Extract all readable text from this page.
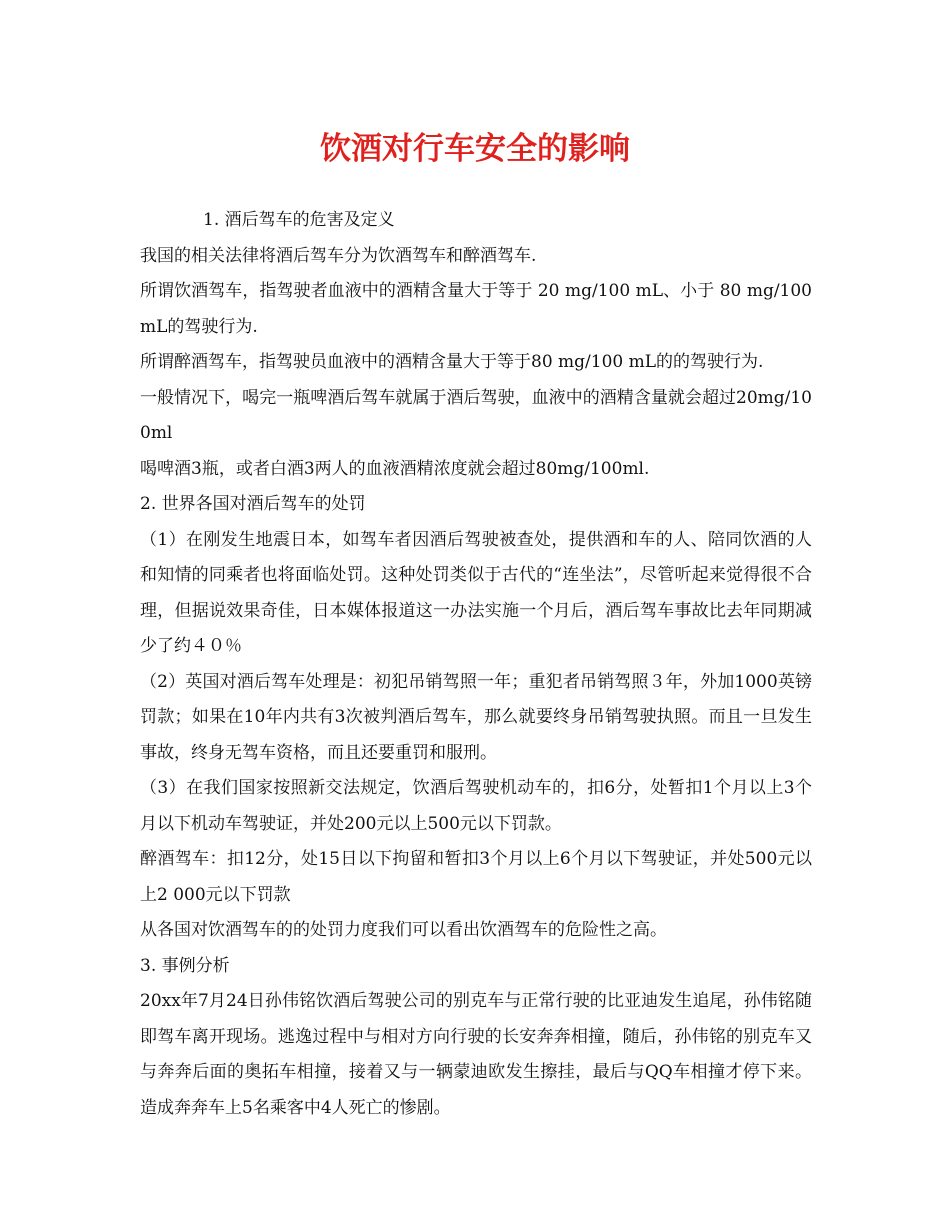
饮酒对行车安全的影响

1. 酒后驾车的危害及定义

我国的相关法律将酒后驾车分为饮酒驾车和醉酒驾车.

所谓饮酒驾车，指驾驶者血液中的酒精含量大于等于 20 mg/100 mL、小于 80 mg/100 mL的驾驶行为.

所谓醉酒驾车，指驾驶员血液中的酒精含量大于等于80 mg/100 mL的的驾驶行为.

一般情况下，喝完一瓶啤酒后驾车就属于酒后驾驶，血液中的酒精含量就会超过20mg/100ml

喝啤酒3瓶，或者白酒3两人的血液酒精浓度就会超过80mg/100ml.

2. 世界各国对酒后驾车的处罚

（1）在刚发生地震日本，如驾车者因酒后驾驶被查处，提供酒和车的人、陪同饮酒的人和知情的同乘者也将面临处罚。这种处罚类似于古代的“连坐法”，尽管听起来觉得很不合理，但据说效果奇佳，日本媒体报道这一办法实施一个月后，酒后驾车事故比去年同期减少了约４０％

（2）英国对酒后驾车处理是：初犯吊销驾照一年；重犯者吊销驾照３年，外加1000英镑罚款；如果在10年内共有3次被判酒后驾车，那么就要终身吊销驾驶执照。而且一旦发生事故，终身无驾车资格，而且还要重罚和服刑。

（3）在我们国家按照新交法规定，饮酒后驾驶机动车的，扣6分，处暂扣1个月以上3个月以下机动车驾驶证，并处200元以上500元以下罚款。

醉酒驾车：扣12分，处15日以下拘留和暂扣3个月以上6个月以下驾驶证，并处500元以上2 000元以下罚款

从各国对饮酒驾车的的处罚力度我们可以看出饮酒驾车的危险性之高。

3. 事例分析

20xx年7月24日孙伟铭饮酒后驾驶公司的别克车与正常行驶的比亚迪发生追尾，孙伟铭随即驾车离开现场。逃逸过程中与相对方向行驶的长安奔奔相撞，随后，孙伟铭的别克车又与奔奔后面的奥拓车相撞，接着又与一辆蒙迪欧发生擦挂，最后与QQ车相撞才停下来。造成奔奔车上5名乘客中4人死亡的惨剧。
